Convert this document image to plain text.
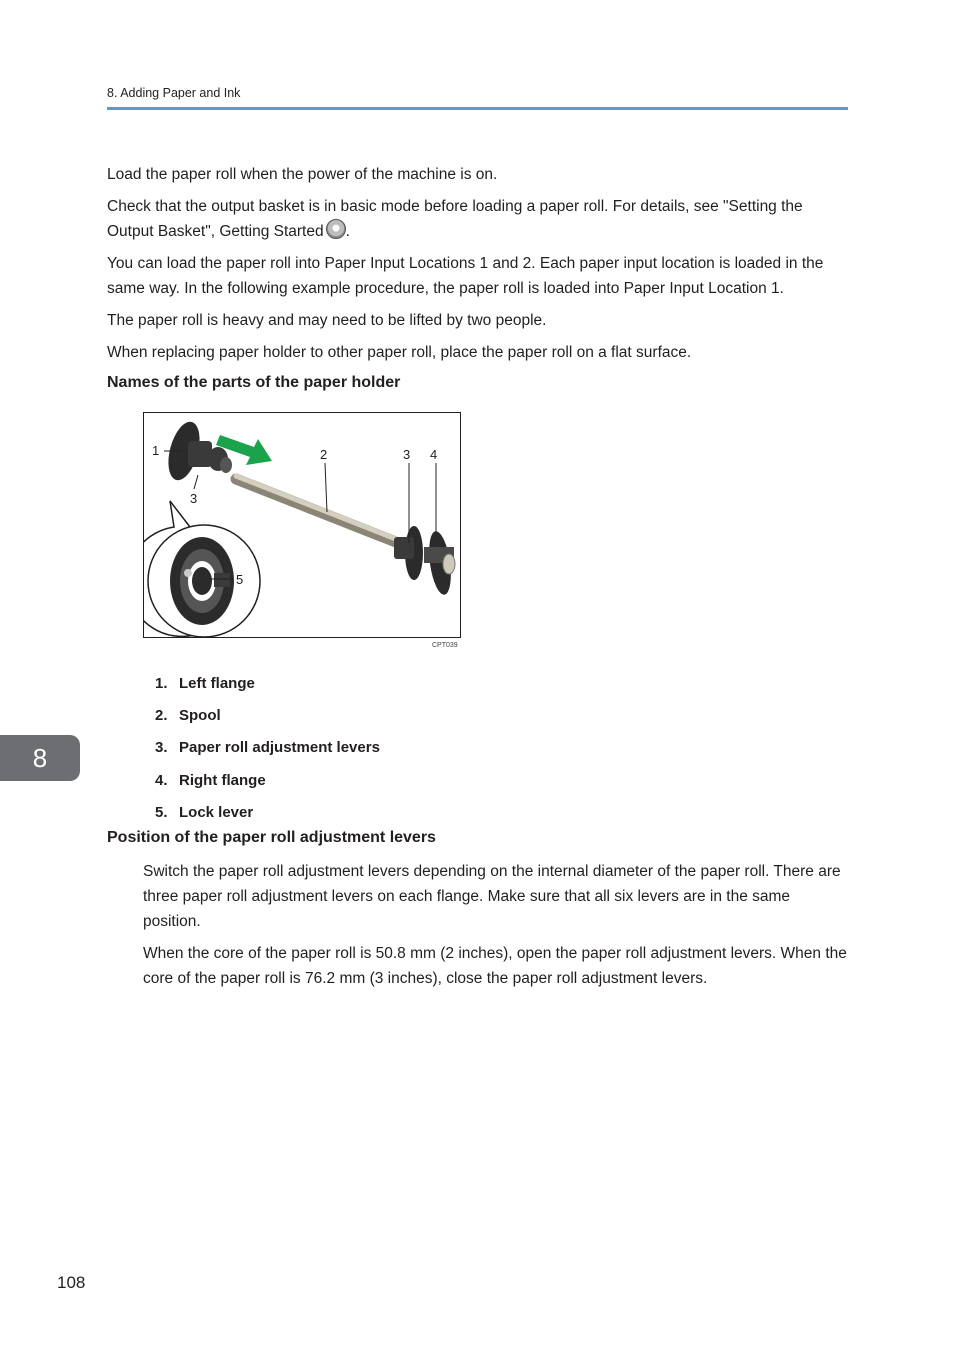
8. Adding Paper and Ink

Load the paper roll when the power of the machine is on.

Check that the output basket is in basic mode before loading a paper roll. For details, see "Setting the Output Basket", Getting Started .

You can load the paper roll into Paper Input Locations 1 and 2. Each paper input location is loaded in the same way. In the following example procedure, the paper roll is loaded into Paper Input Location 1.

The paper roll is heavy and may need to be lifted by two people.

When replacing paper holder to other paper roll, place the paper roll on a flat surface.

Names of the parts of the paper holder
1	2	3 4
3
5
CPT039
1. Left flange
2. Spool
3. Paper roll adjustment levers
4. Right flange
5. Lock lever
Position of the paper roll adjustment levers

Switch the paper roll adjustment levers depending on the internal diameter of the paper roll. There are three paper roll adjustment levers on each flange. Make sure that all six levers are in the same position.

When the core of the paper roll is 50.8 mm (2 inches), open the paper roll adjustment levers. When the core of the paper roll is 76.2 mm (3 inches), close the paper roll adjustment levers.

8
108
